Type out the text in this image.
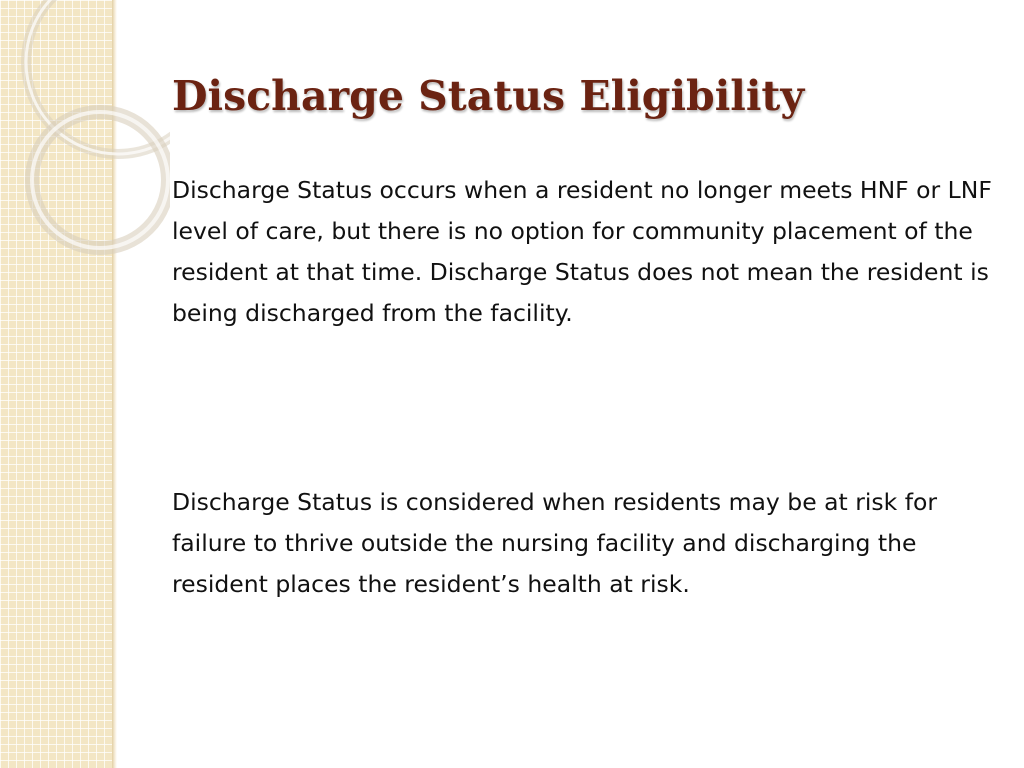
Discharge Status Eligibility

Discharge Status occurs when a resident no longer meets HNF or LNF level of care, but there is no option for community placement of the resident at that time. Discharge Status does not mean the resident is being discharged from the facility.

Discharge Status is considered when residents may be at risk for failure to thrive outside the nursing facility and discharging the resident places the resident’s health at risk.
